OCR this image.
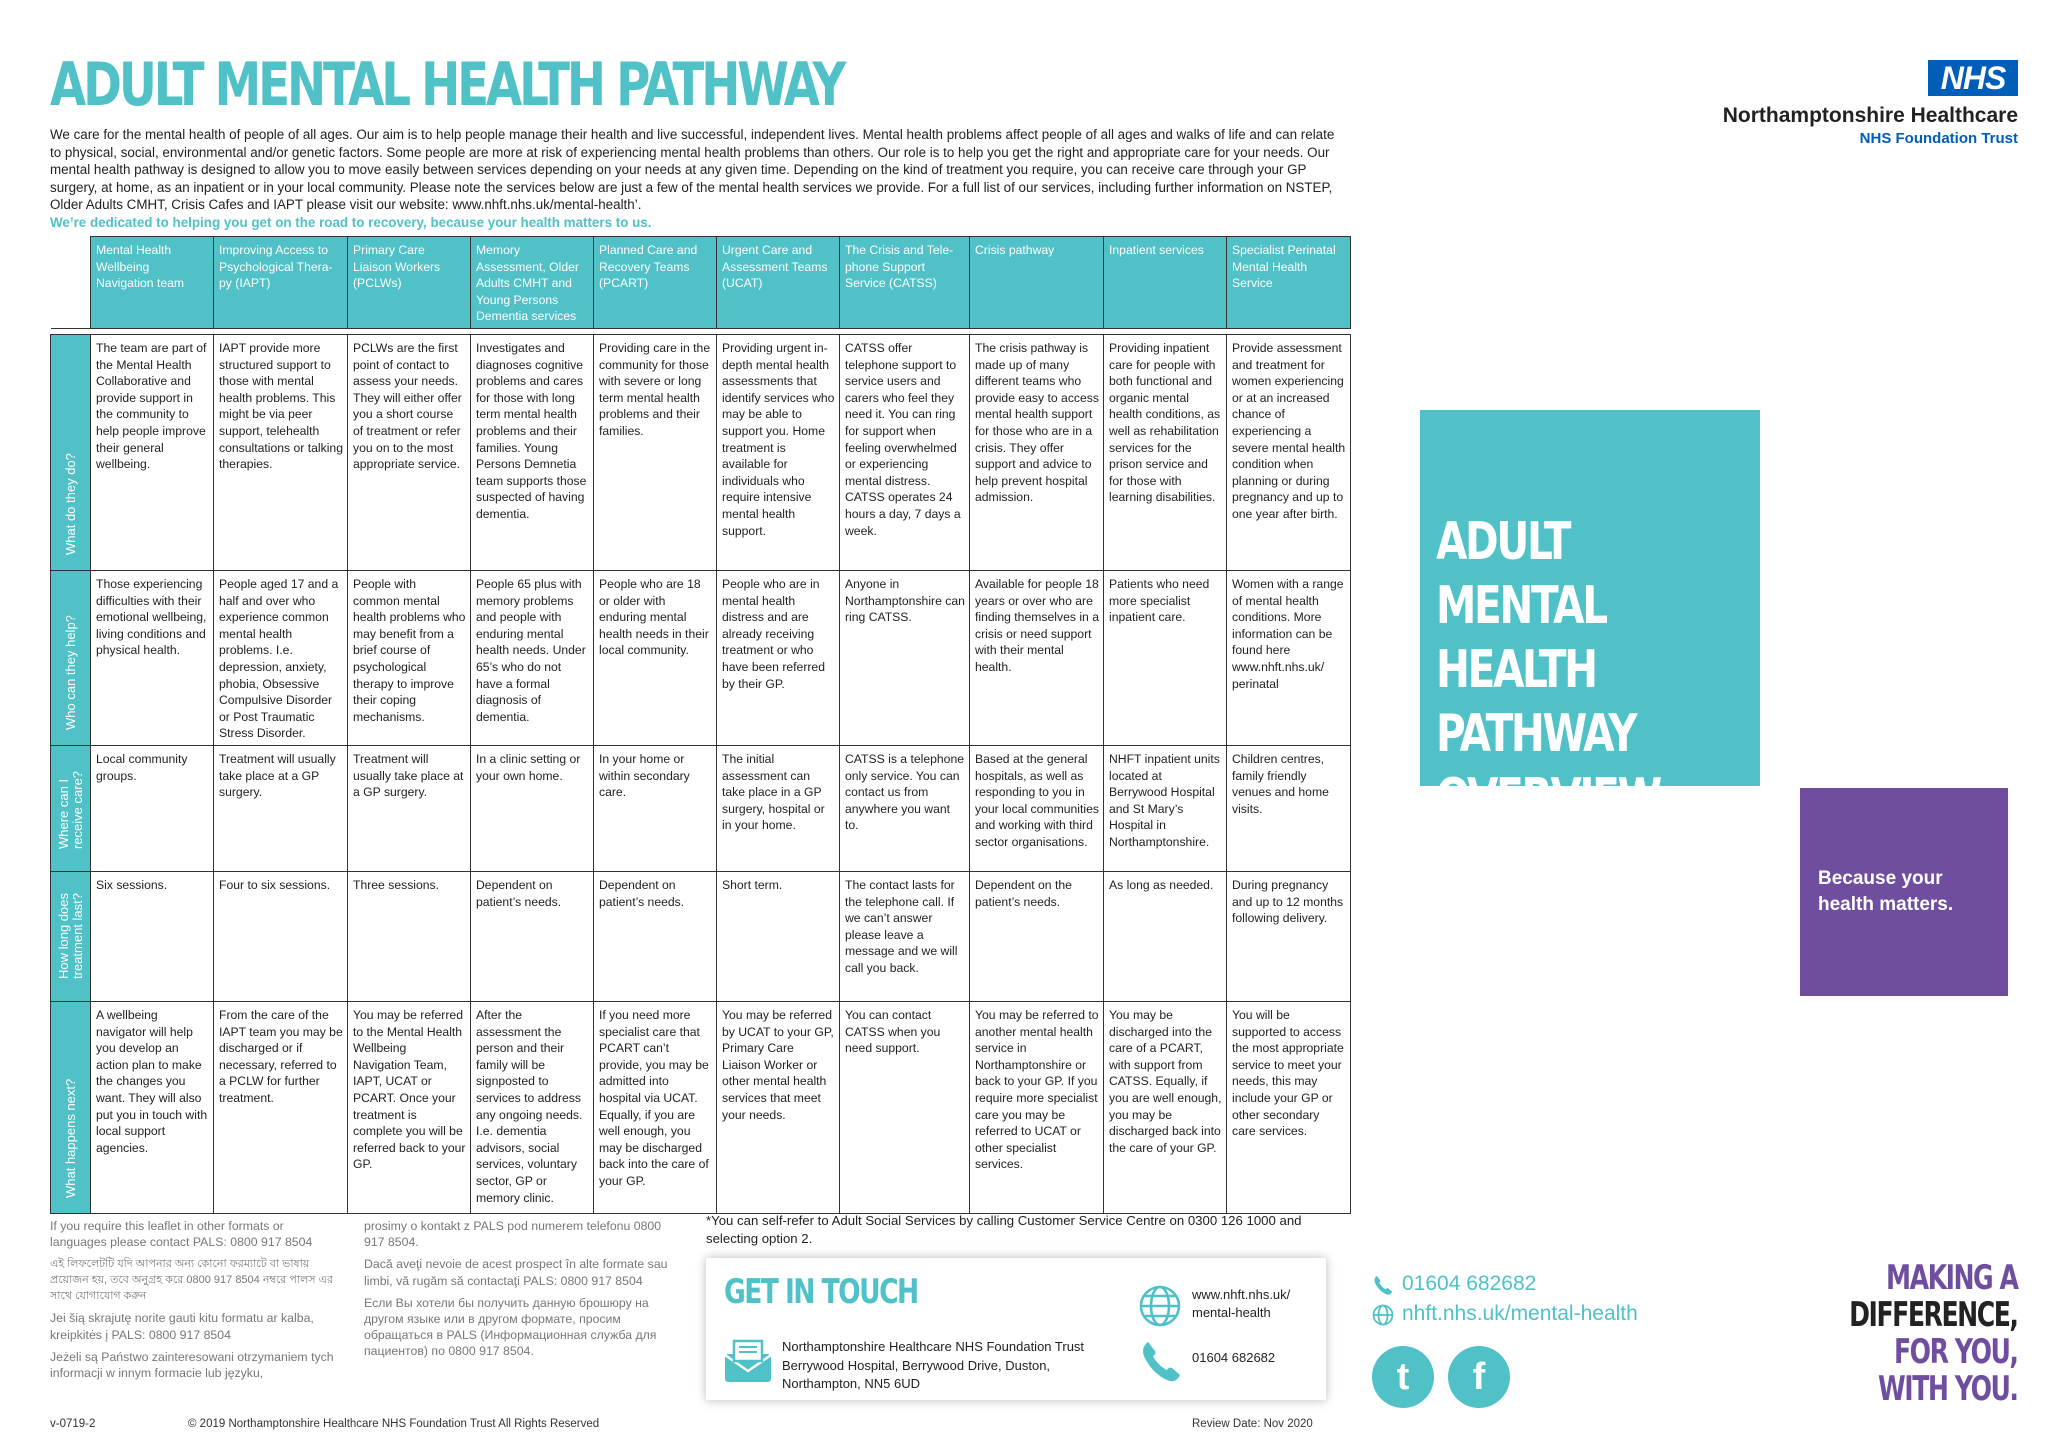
ADULT MENTAL HEALTH PATHWAY
We care for the mental health of people of all ages. Our aim is to help people manage their health and live successful, independent lives. Mental health problems affect people of all ages and walks of life and can relate to physical, social, environmental and/or genetic factors. Some people are more at risk of experiencing mental health problems than others. Our role is to help you get the right and appropriate care for your needs. Our mental health pathway is designed to allow you to move easily between services depending on your needs at any given time. Depending on the kind of treatment you require, you can receive care through your GP surgery, at home, as an inpatient or in your local community. Please note the services below are just a few of the mental health services we provide. For a full list of our services, including further information on NSTEP, Older Adults CMHT, Crisis Cafes and IAPT please visit our website: www.nhft.nhs.uk/mental-health’.
We’re dedicated to helping you get on the road to recovery, because your health matters to us.
NHS
Northamptonshire Healthcare
NHS Foundation Trust
	Mental Health Wellbeing Navigation team	Improving Access to Psychological Thera-py (IAPT)	Primary Care Liaison Workers (PCLWs)	Memory Assessment, Older Adults CMHT and Young Persons Dementia services	Planned Care and Recovery Teams (PCART)	Urgent Care and Assessment Teams (UCAT)	The Crisis and Tele-phone Support Service (CATSS)	Crisis pathway	Inpatient services	Specialist Perinatal Mental Health Service

What do they do?	The team are part of the Mental Health Collaborative and provide support in the community to help people improve their general wellbeing.	IAPT provide more structured support to those with mental health problems. This might be via peer support, telehealth consultations or talking therapies.	PCLWs are the first point of contact to assess your needs. They will either offer you a short course of treatment or refer you on to the most appropriate service.	Investigates and diagnoses cognitive problems and cares for those with long term mental health problems and their families. Young Persons Demnetia team supports those suspected of having dementia.	Providing care in the community for those with severe or long term mental health problems and their families.	Providing urgent in-depth mental health assessments that identify services who may be able to support you. Home treatment is available for individuals who require intensive mental health support.	CATSS offer telephone support to service users and carers who feel they need it. You can ring for support when feeling overwhelmed or experiencing mental distress. CATSS operates 24 hours a day, 7 days a week.	The crisis pathway is made up of many different teams who provide easy to access mental health support for those who are in a crisis. They offer support and advice to help prevent hospital admission.	Providing inpatient care for people with both functional and organic mental health conditions, as well as rehabilitation services for the prison service and for those with learning disabilities.	Provide assessment and treatment for women experiencing or at an increased chance of experiencing a severe mental health condition when planning or during pregnancy and up to one year after birth.

Who can they help?	Those experiencing difficulties with their emotional wellbeing, living conditions and physical health.	People aged 17 and a half and over who experience common mental health problems. I.e. depression, anxiety, phobia, Obsessive Compulsive Disorder or Post Traumatic Stress Disorder.	People with common mental health problems who may benefit from a brief course of psychological therapy to improve their coping mechanisms.	People 65 plus with memory problems and people with enduring mental health needs. Under 65’s who do not have a formal diagnosis of dementia.	People who are 18 or older with enduring mental health needs in their local community.	People who are in mental health distress and are already receiving treatment or who have been referred by their GP.	Anyone in Northamptonshire can ring CATSS.	Available for people 18 years or over who are finding themselves in a crisis or need support with their mental health.	Patients who need more specialist inpatient care.	Women with a range of mental health conditions. More information can be found here www.nhft.nhs.uk/ perinatal

Where can I receive care?	Local community groups.	Treatment will usually take place at a GP surgery.	Treatment will usually take place at a GP surgery.	In a clinic setting or your own home.	In your home or within secondary care.	The initial assessment can take place in a GP surgery, hospital or in your home.	CATSS is a telephone only service. You can contact us from anywhere you want to.	Based at the general hospitals, as well as responding to you in your local communities and working with third sector organisations.	NHFT inpatient units located at Berrywood Hospital and St Mary’s Hospital in Northamptonshire.	Children centres, family friendly venues and home visits.

How long does treatment last?	Six sessions.	Four to six sessions.	Three sessions.	Dependent on patient’s needs.	Dependent on patient’s needs.	Short term.	The contact lasts for the telephone call. If we can’t answer please leave a message and we will call you back.	Dependent on the patient’s needs.	As long as needed.	During pregnancy and up to 12 months following delivery.

What happens next?	A wellbeing navigator will help you develop an action plan to make the changes you want. They will also put you in touch with local support agencies.	From the care of the IAPT team you may be discharged or if necessary, referred to a PCLW for further treatment.	You may be referred to the Mental Health Wellbeing Navigation Team, IAPT, UCAT or PCART. Once your treatment is complete you will be referred back to your GP.	After the assessment the person and their family will be signposted to services to address any ongoing needs. I.e. dementia advisors, social services, voluntary sector, GP or memory clinic.	If you need more specialist care that PCART can’t provide, you may be admitted into hospital via UCAT. Equally, if you are well enough, you may be discharged back into the care of your GP.	You may be referred by UCAT to your GP, Primary Care Liaison Worker or other mental health services that meet your needs.	You can contact CATSS when you need support.	You may be referred to another mental health service in Northamptonshire or back to your GP. If you require more specialist care you may be referred to UCAT or other specialist services.	You may be discharged into the care of a PCART, with support from CATSS. Equally, if you are well enough, you may be discharged back into the care of your GP.	You will be supported to access the most appropriate service to meet your needs, this may include your GP or other secondary care services.
If you require this leaflet in other formats or languages please contact PALS: 0800 917 8504
এই লিফলেটটি যদি আপনার অন্য কোনো ফরম্যাটে বা ভাষায় প্রয়োজন হয়, তবে অনুগ্রহ করে 0800 917 8504 নম্বরে পালস এর সাথে যোগাযোগ করুন
Jei šią skrajutę norite gauti kitu formatu ar kalba, kreipkitės į PALS: 0800 917 8504
Jeżeli są Państwo zainteresowani otrzymaniem tych informacji w innym formacie lub języku,
prosimy o kontakt z PALS pod numerem telefonu 0800 917 8504.
Dacă aveţi nevoie de acest prospect în alte formate sau limbi, vă rugăm să contactaţi PALS: 0800 917 8504
Если Вы хотели бы получить данную брошюру на другом языке или в другом формате, просим обращаться в PALS (Информационная служба для пациентов) по 0800 917 8504.
*You can self-refer to Adult Social Services by calling Customer Service Centre on 0300 126 1000 and selecting option 2.
GET IN TOUCH
Northamptonshire Healthcare NHS Foundation Trust
Berrywood Hospital, Berrywood Drive, Duston,
Northampton, NN5 6UD
www.nhft.nhs.uk/
mental-health
01604 682682
ADULT MENTAL
HEALTH PATHWAY
OVERVIEW
Because your health matters.
01604 682682
nhft.nhs.uk/mental-health
t	f
MAKING A
DIFFERENCE,
FOR YOU,
WITH YOU.
v-0719-2	© 2019 Northamptonshire Healthcare NHS Foundation Trust All Rights Reserved	Review Date: Nov 2020
